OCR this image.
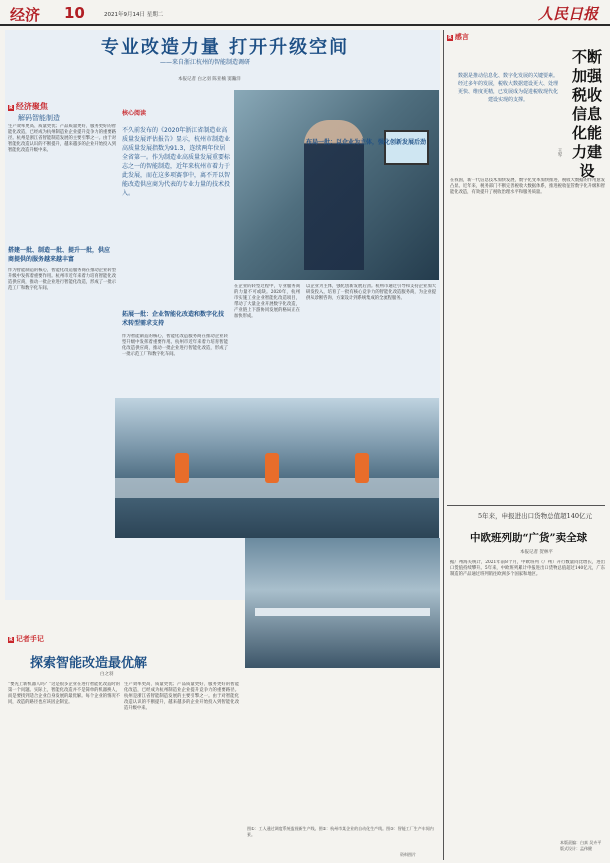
经济 10	2021年9月14日 星期二	人民日报
专业改造力量 打开升级空间
——来自浙江杭州的智能制造调研
本报记者 白之羽 陈亚楠 窦瀚洋
R 经济聚焦
解码智能制造
生产效率更高、质量更优；产品质量更好、服务更好的智能化改造，已经成为杭州制造业企业提升竞争力的重要路径。杭州是浙江省智能制造发展的主要引擎之一。由于对智能化改造认识的不断提升，越来越多的企业开始投入到智能化改造升级中来。
搭建一批、制造一批、提升一批，供应商提供的服务越来越丰富
作为智能制造的核心，智能化改造服务商在推动企业转型升级中发挥着重要作用。杭州市近年来着力培育智能化改造供应商，推动一批企业进行智能化改造，形成了一批示范工厂和数字化车间。
核心阅读
不久前发布的《2020年浙江省制造业高质量发展评估报告》显示，杭州市制造业高质量发展指数为91.3，连续两年位居全省第一。作为制造业高质量发展重要标志之一的智能制造，近年来杭州市着力于此发展，而在这多项赛事中，离不开以智能改造供应商为代表的专业力量的技术投入。
在企业的转型过程中，专业服务商的力量不可或缺。2020年，杭州市实施工业企业智能化改造项目，带动了大量企业开展数字化改造，产业链上下游协同发展的格局正在加快形成。
拓展一批：企业智能化改造和数字化技术转型需求支持
作为智能制造的核心，智能化改造服务商在推动企业转型升级中发挥着重要作用。杭州市近年来着力培育智能化改造供应商，推动一批企业进行智能化改造，形成了一批示范工厂和数字化车间。
布局一批：以企业为主体，强化创新发展后劲
以企业为主体，强化创新发展后劲。杭州市通过引导和支持企业加大研发投入，培育了一批有核心竞争力的智能化改造服务商，为企业提供从诊断咨询、方案设计到系统集成的全流程服务。
R 记者手记
探索智能改造最优解
白之羽
“要先上新机器人吗？”这是很多企业在进行智能化改造时的第一个问题。实际上，智能化改造并不是简单的机器换人，而是要找到适合企业自身发展的最优解。每个企业的情况不同，改造的路径也应该因企制宜。
生产效率更高、质量更优；产品质量更好、服务更好的智能化改造，已经成为杭州制造业企业提升竞争力的重要路径。杭州是浙江省智能制造发展的主要引擎之一。由于对智能化改造认识的不断提升，越来越多的企业开始投入到智能化改造升级中来。
图①：工人通过调度系统监视新生产线。图②：杭州市某企业的自动化生产线。图③：智能工厂生产车间内景。
资料图片
R 感言
数据是推动信息化、数字化发展的关键要素。经过多年的发展，税收大数据建设更大、处理更快、维度更精，已发展成为促进税收现代化建设实现的支撑。
不断加强税收信息化能力建设
王军
在我国，新一代信息技术加快发展，数字化变革加快推进，税收大数据的作用愈发凸显。近年来，税务部门不断完善税收大数据体系，推进税收征管数字化升级和智能化改造，有效提升了税收治理水平和服务质量。
5年来，申报进出口货物总值超140亿元
中欧班列助“广货”卖全球
本报记者 贺林平
据广州海关统计，2021年前8个月，中欧班列（广州）开行数量同比增长，进出口货值持续攀升。5年来，中欧班列累计申报进出口货物总值超过140亿元，广东制造的产品通过班列销往欧洲多个国家和地区。
本版责编：白真 吴卉平 版式设计：孟伟健
